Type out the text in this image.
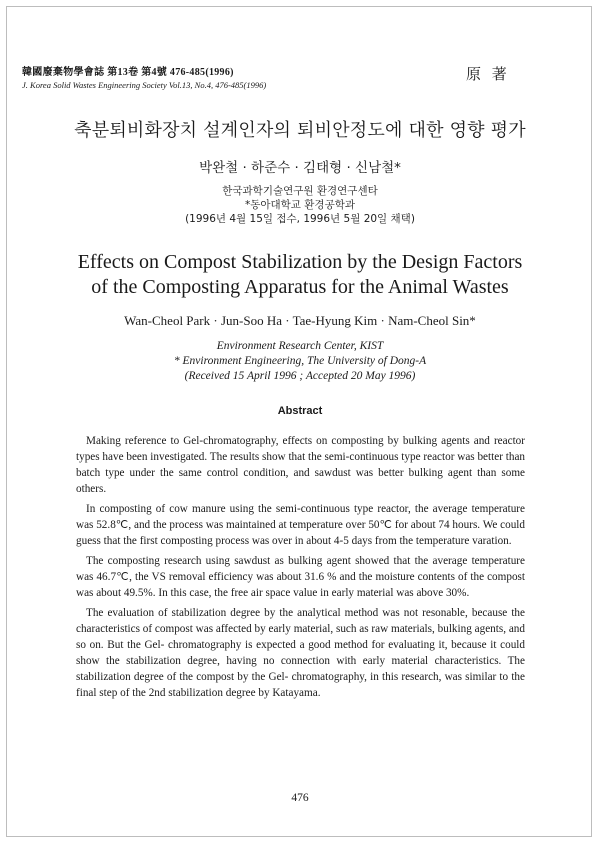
韓國廢棄物學會誌 第13卷 第4號 476-485(1996)
J. Korea Solid Wastes Engineering Society Vol.13, No.4, 476-485(1996)
原 著
축분퇴비화장치 설계인자의 퇴비안정도에 대한 영향 평가
박완철 · 하준수 · 김태형 · 신남철*
한국과학기술연구원 환경연구센타
*동아대학교 환경공학과
(1996년 4월 15일 접수, 1996년 5월 20일 채택)
Effects on Compost Stabilization by the Design Factors
of the Composting Apparatus for the Animal Wastes
Wan-Cheol Park · Jun-Soo Ha · Tae-Hyung Kim · Nam-Cheol Sin*
Environment Research Center, KIST
* Environment Engineering, The University of Dong-A
(Received 15 April 1996 ; Accepted 20 May 1996)
Abstract

Making reference to Gel-chromatography, effects on composting by bulking agents and reactor types have been investigated. The results show that the semi-continuous type reactor was better than batch type under the same control condition, and sawdust was better bulking agent than some others.

In composting of cow manure using the semi-continuous type reactor, the average temperature was 52.8℃, and the process was maintained at temperature over 50℃ for about 74 hours. We could guess that the first composting process was over in about 4-5 days from the temperature varation.

The composting research using sawdust as bulking agent showed that the average temperature was 46.7℃, the VS removal efficiency was about 31.6 % and the moisture contents of the compost was about 49.5%. In this case, the free air space value in early material was above 30%.

The evaluation of stabilization degree by the analytical method was not resonable, because the characteristics of compost was affected by early material, such as raw materials, bulking agents, and so on. But the Gel- chromatography is expected a good method for evaluating it, because it could show the stabilization degree, having no connection with early material characteristics. The stabilization degree of the compost by the Gel- chromatography, in this research, was similar to the final step of the 2nd stabilization degree by Katayama.

476
